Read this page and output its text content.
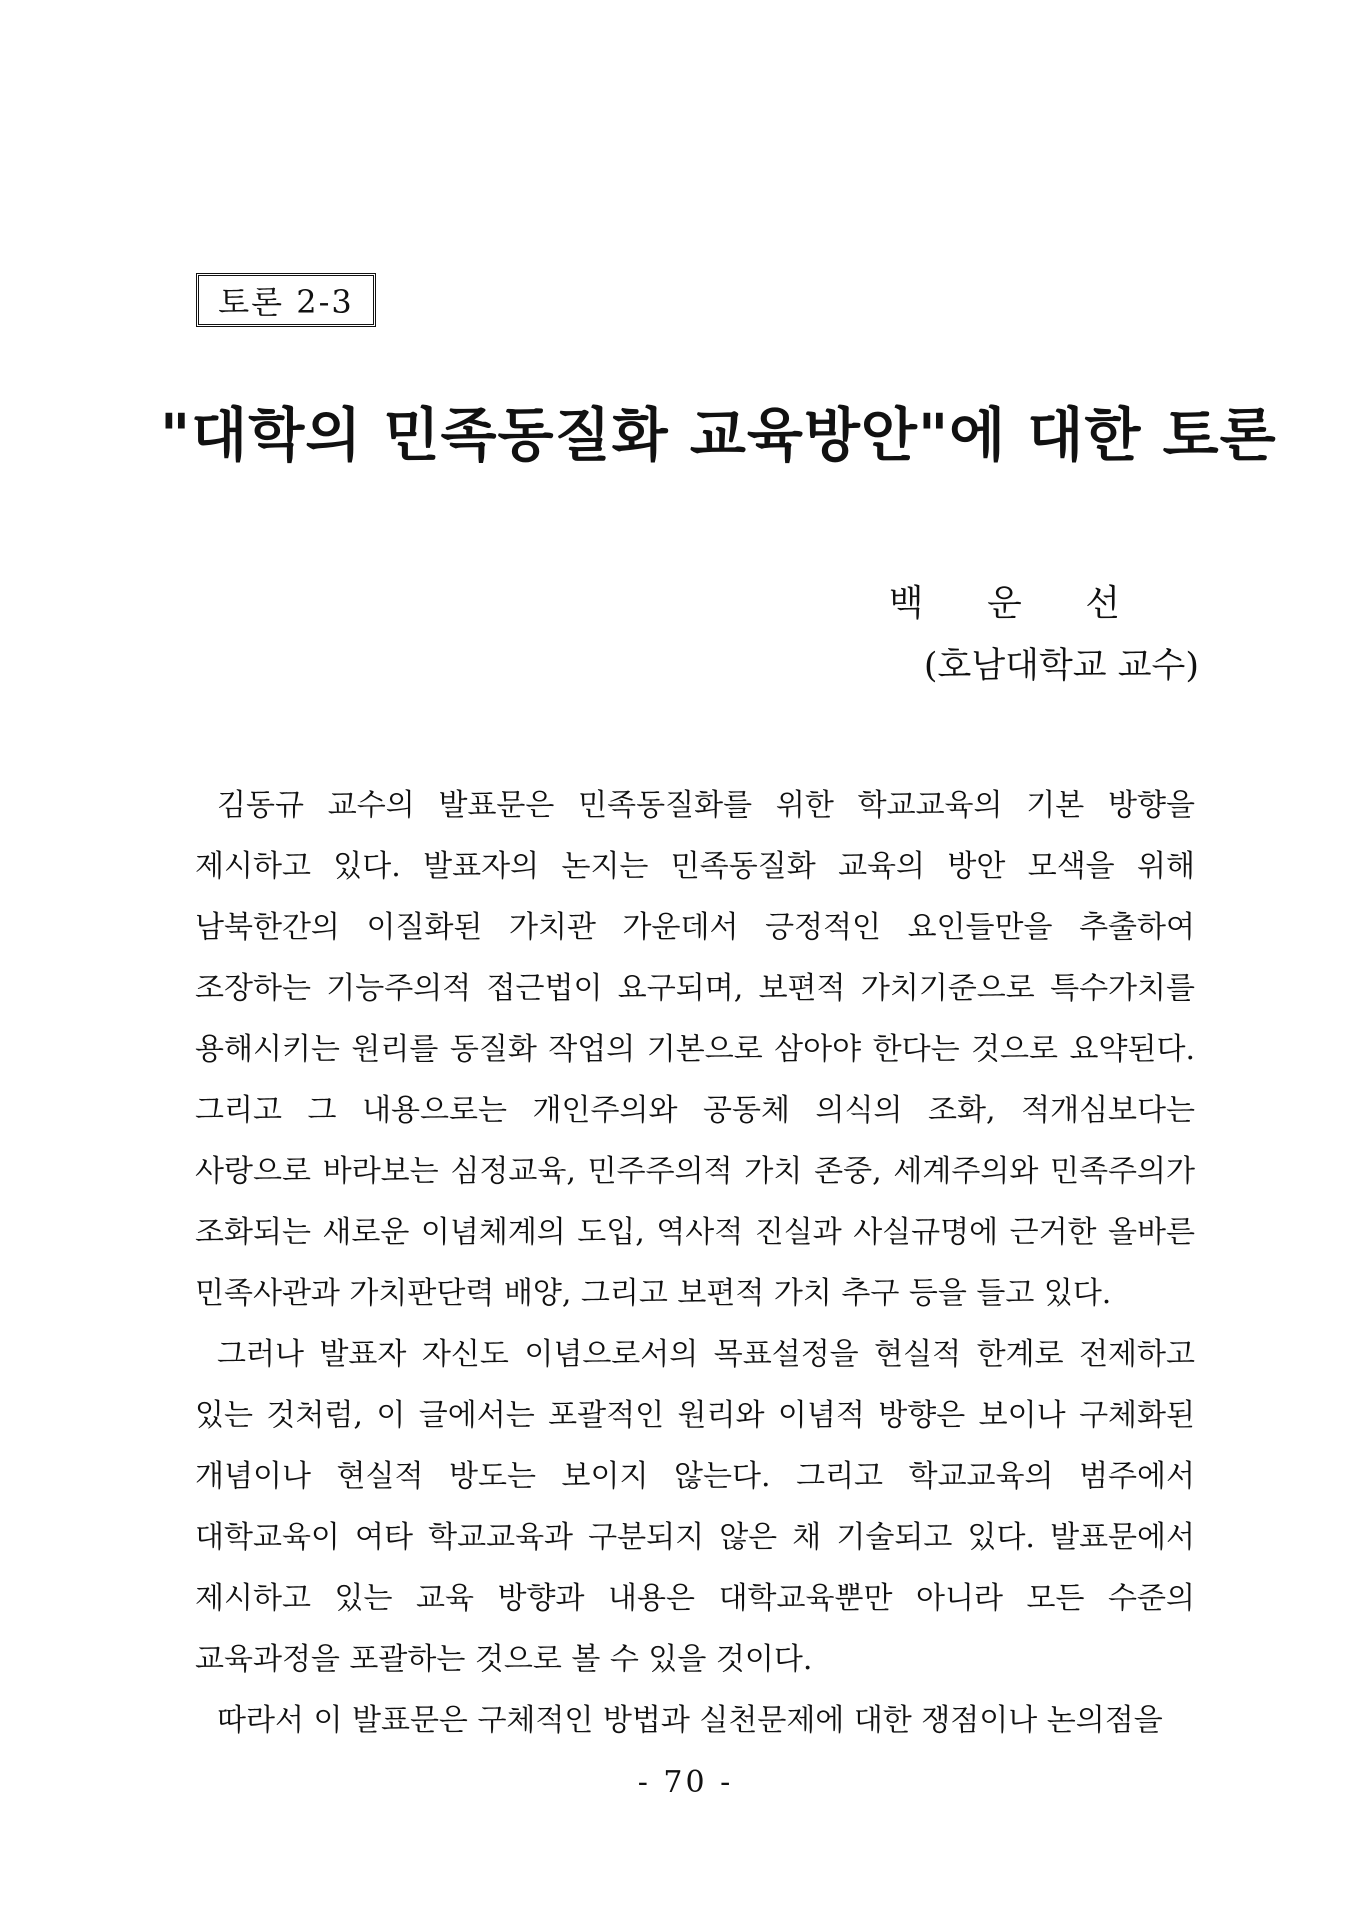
토론 2-3
"대학의 민족동질화 교육방안"에 대한 토론
백 운 선
(호남대학교 교수)

김동규 교수의 발표문은 민족동질화를 위한 학교교육의 기본 방향을 제시하고 있다. 발표자의 논지는 민족동질화 교육의 방안 모색을 위해 남북한간의 이질화된 가치관 가운데서 긍정적인 요인들만을 추출하여 조장하는 기능주의적 접근법이 요구되며, 보편적 가치기준으로 특수가치를 용해시키는 원리를 동질화 작업의 기본으로 삼아야 한다는 것으로 요약된다. 그리고 그 내용으로는 개인주의와 공동체 의식의 조화, 적개심보다는 사랑으로 바라보는 심정교육, 민주주의적 가치 존중, 세계주의와 민족주의가 조화되는 새로운 이념체계의 도입, 역사적 진실과 사실규명에 근거한 올바른 민족사관과 가치판단력 배양, 그리고 보편적 가치 추구 등을 들고 있다.

그러나 발표자 자신도 이념으로서의 목표설정을 현실적 한계로 전제하고 있는 것처럼, 이 글에서는 포괄적인 원리와 이념적 방향은 보이나 구체화된 개념이나 현실적 방도는 보이지 않는다. 그리고 학교교육의 범주에서 대학교육이 여타 학교교육과 구분되지 않은 채 기술되고 있다. 발표문에서 제시하고 있는 교육 방향과 내용은 대학교육뿐만 아니라 모든 수준의 교육과정을 포괄하는 것으로 볼 수 있을 것이다.

따라서 이 발표문은 구체적인 방법과 실천문제에 대한 쟁점이나 논의점을

- 70 -
